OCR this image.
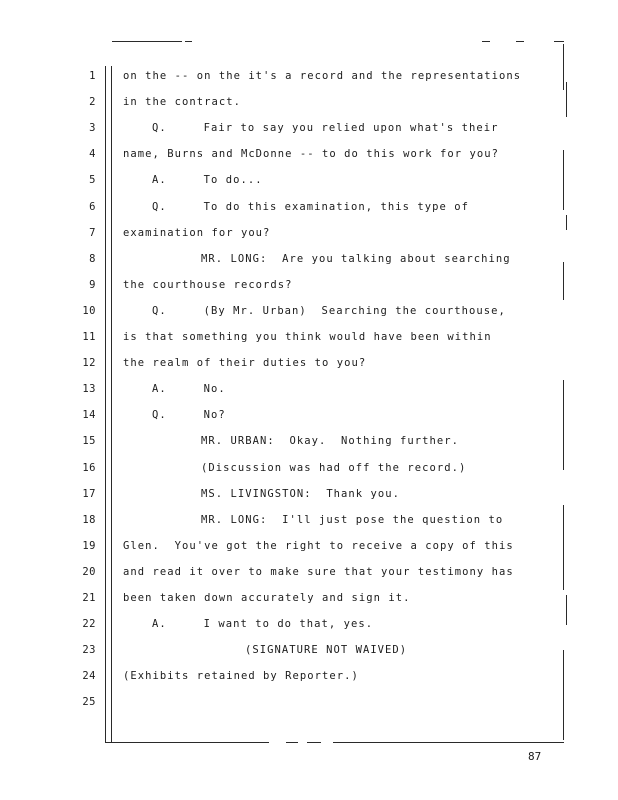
1	on the -- on the it's a record and the representations
2	in the contract.
3	Q.     Fair to say you relied upon what's their
4	name, Burns and McDonne -- to do this work for you?
5	A.     To do...
6	Q.     To do this examination, this type of
7	examination for you?
8	MR. LONG:  Are you talking about searching
9	the courthouse records?
10	Q.     (By Mr. Urban)  Searching the courthouse,
11	is that something you think would have been within
12	the realm of their duties to you?
13	A.     No.
14	Q.     No?
15	MR. URBAN:  Okay.  Nothing further.
16	(Discussion was had off the record.)
17	MS. LIVINGSTON:  Thank you.
18	MR. LONG:  I'll just pose the question to
19	Glen.  You've got the right to receive a copy of this
20	and read it over to make sure that your testimony has
21	been taken down accurately and sign it.
22	A.     I want to do that, yes.
23	(SIGNATURE NOT WAIVED)
24	(Exhibits retained by Reporter.)
25
87
